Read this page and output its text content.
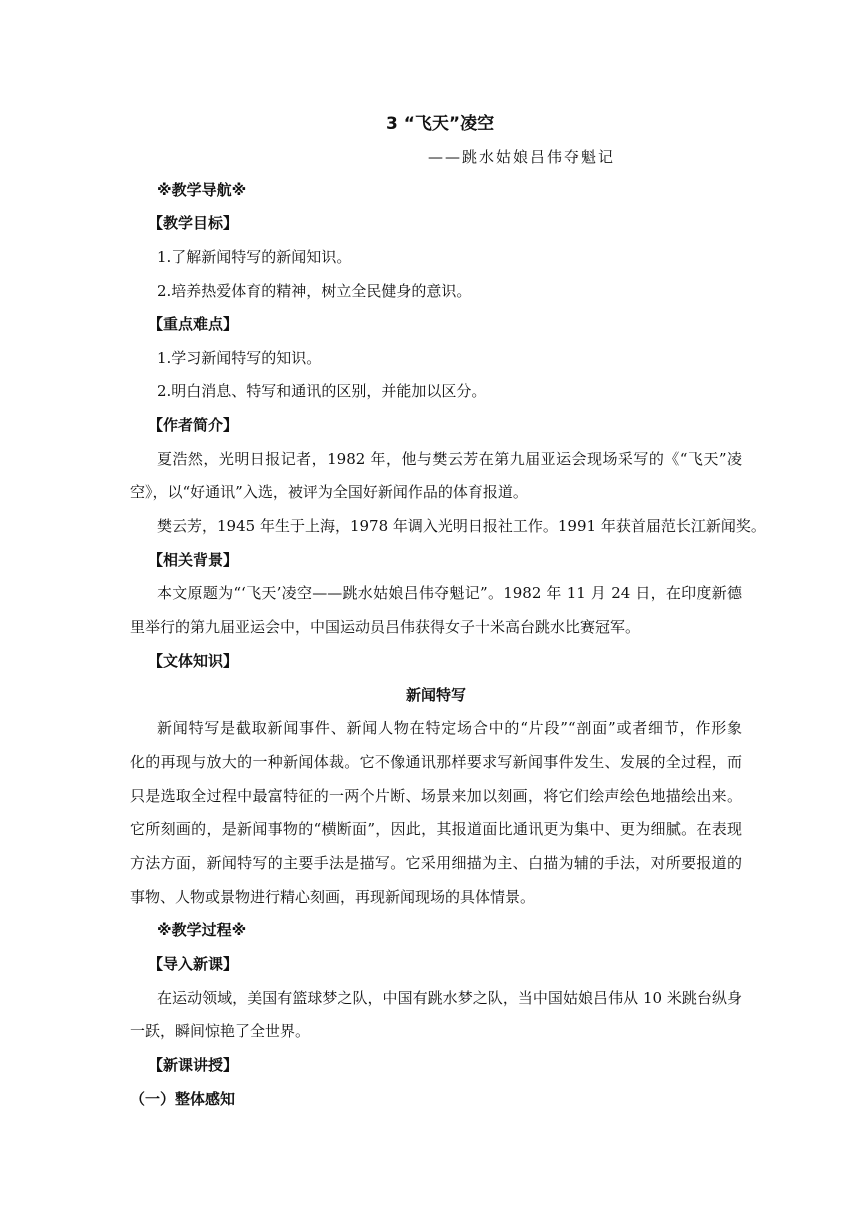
3 “飞天”凌空
——跳水姑娘吕伟夺魁记
※教学导航※
【教学目标】
1.了解新闻特写的新闻知识。
2.培养热爱体育的精神，树立全民健身的意识。
【重点难点】
1.学习新闻特写的知识。
2.明白消息、特写和通讯的区别，并能加以区分。
【作者简介】
夏浩然，光明日报记者，1982 年，他与樊云芳在第九届亚运会现场采写的《“飞天”凌
空》，以“好通讯”入选，被评为全国好新闻作品的体育报道。
樊云芳，1945 年生于上海，1978 年调入光明日报社工作。1991 年获首届范长江新闻奖。
【相关背景】
本文原题为“‘飞天’凌空——跳水姑娘吕伟夺魁记”。1982 年 11 月 24 日，在印度新德
里举行的第九届亚运会中，中国运动员吕伟获得女子十米高台跳水比赛冠军。
【文体知识】
新闻特写
新闻特写是截取新闻事件、新闻人物在特定场合中的“片段”“剖面”或者细节，作形象
化的再现与放大的一种新闻体裁。它不像通讯那样要求写新闻事件发生、发展的全过程，而
只是选取全过程中最富特征的一两个片断、场景来加以刻画，将它们绘声绘色地描绘出来。
它所刻画的，是新闻事物的“横断面”，因此，其报道面比通讯更为集中、更为细腻。在表现
方法方面，新闻特写的主要手法是描写。它采用细描为主、白描为辅的手法，对所要报道的
事物、人物或景物进行精心刻画，再现新闻现场的具体情景。
※教学过程※
【导入新课】
在运动领域，美国有篮球梦之队，中国有跳水梦之队，当中国姑娘吕伟从 10 米跳台纵身
一跃，瞬间惊艳了全世界。
【新课讲授】
（一）整体感知
